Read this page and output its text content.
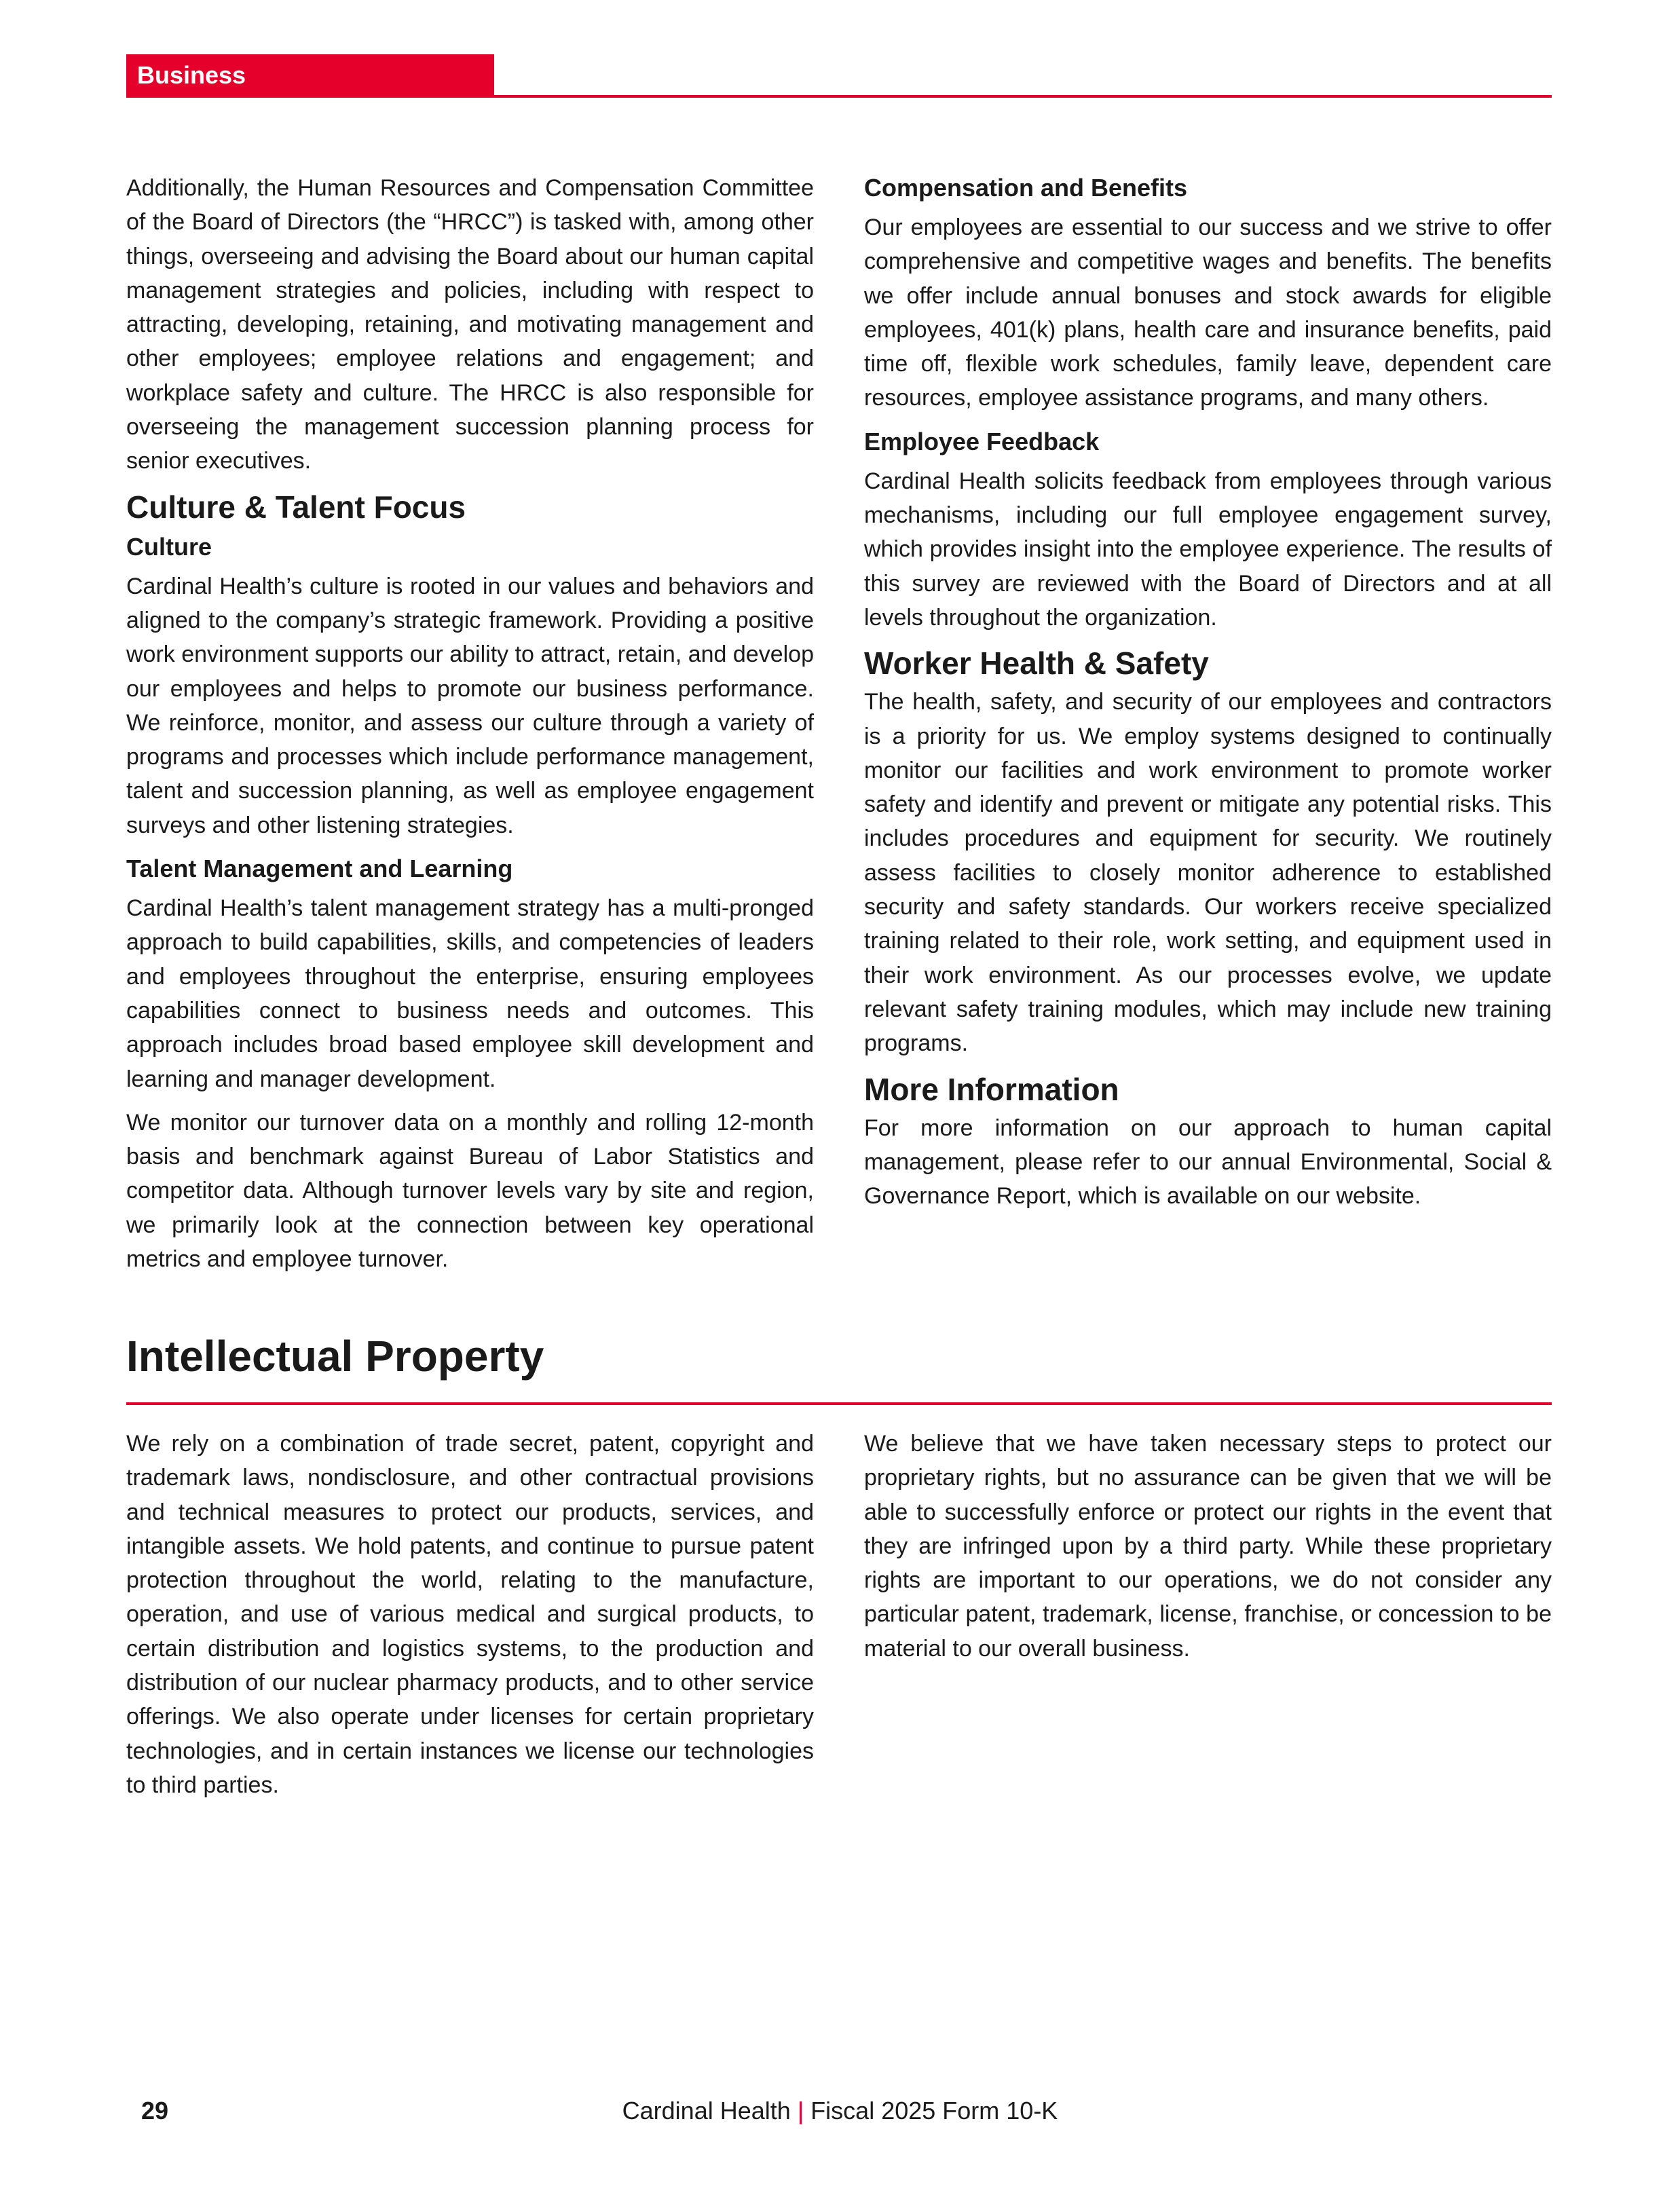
Business

Additionally, the Human Resources and Compensation Committee of the Board of Directors (the “HRCC”) is tasked with, among other things, overseeing and advising the Board about our human capital management strategies and policies, including with respect to attracting, developing, retaining, and motivating management and other employees; employee relations and engagement; and workplace safety and culture. The HRCC is also responsible for overseeing the management succession planning process for senior executives.

Culture & Talent Focus
Culture

Cardinal Health’s culture is rooted in our values and behaviors and aligned to the company’s strategic framework. Providing a positive work environment supports our ability to attract, retain, and develop our employees and helps to promote our business performance. We reinforce, monitor, and assess our culture through a variety of programs and processes which include performance management, talent and succession planning, as well as employee engagement surveys and other listening strategies.

Talent Management and Learning

Cardinal Health’s talent management strategy has a multi-pronged approach to build capabilities, skills, and competencies of leaders and employees throughout the enterprise, ensuring employees capabilities connect to business needs and outcomes. This approach includes broad based employee skill development and learning and manager development.

We monitor our turnover data on a monthly and rolling 12-month basis and benchmark against Bureau of Labor Statistics and competitor data. Although turnover levels vary by site and region, we primarily look at the connection between key operational metrics and employee turnover.

Compensation and Benefits

Our employees are essential to our success and we strive to offer comprehensive and competitive wages and benefits. The benefits we offer include annual bonuses and stock awards for eligible employees, 401(k) plans, health care and insurance benefits, paid time off, flexible work schedules, family leave, dependent care resources, employee assistance programs, and many others.

Employee Feedback

Cardinal Health solicits feedback from employees through various mechanisms, including our full employee engagement survey, which provides insight into the employee experience. The results of this survey are reviewed with the Board of Directors and at all levels throughout the organization.

Worker Health & Safety

The health, safety, and security of our employees and contractors is a priority for us. We employ systems designed to continually monitor our facilities and work environment to promote worker safety and identify and prevent or mitigate any potential risks. This includes procedures and equipment for security. We routinely assess facilities to closely monitor adherence to established security and safety standards. Our workers receive specialized training related to their role, work setting, and equipment used in their work environment. As our processes evolve, we update relevant safety training modules, which may include new training programs.

More Information

For more information on our approach to human capital management, please refer to our annual Environmental, Social & Governance Report, which is available on our website.

Intellectual Property

We rely on a combination of trade secret, patent, copyright and trademark laws, nondisclosure, and other contractual provisions and technical measures to protect our products, services, and intangible assets. We hold patents, and continue to pursue patent protection throughout the world, relating to the manufacture, operation, and use of various medical and surgical products, to certain distribution and logistics systems, to the production and distribution of our nuclear pharmacy products, and to other service offerings. We also operate under licenses for certain proprietary technologies, and in certain instances we license our technologies to third parties.

We believe that we have taken necessary steps to protect our proprietary rights, but no assurance can be given that we will be able to successfully enforce or protect our rights in the event that they are infringed upon by a third party. While these proprietary rights are important to our operations, we do not consider any particular patent, trademark, license, franchise, or concession to be material to our overall business.

29	Cardinal Health | Fiscal 2025 Form 10-K
